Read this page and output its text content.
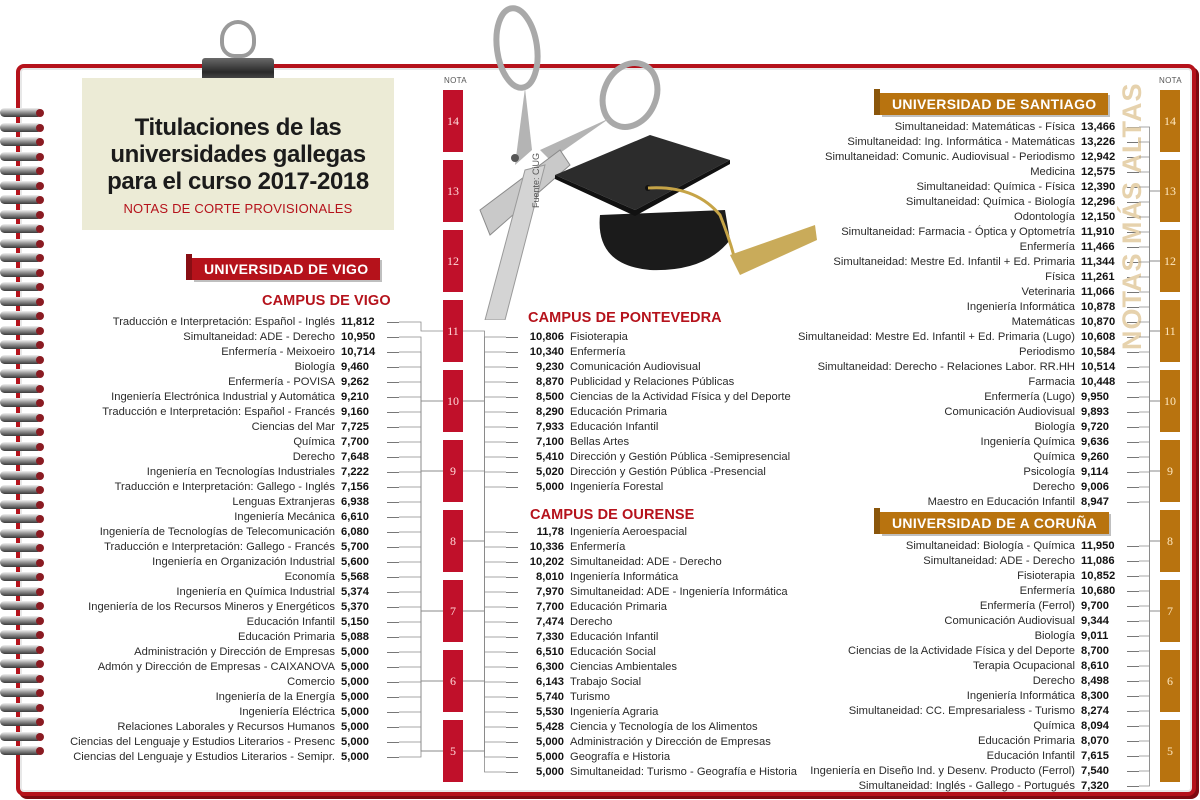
Fuente: CiUG
Titulaciones de las
universidades gallegas
para el curso 2017-2018
NOTAS DE CORTE PROVISIONALES
UNIVERSIDAD DE VIGO
CAMPUS DE VIGO
Traducción e Interpretación: Español - Inglés 11,812
Simultaneidad: ADE - Derecho 10,950
Enfermería - Meixoeiro 10,714
Biología 9,460
Enfermería - POVISA 9,262
Ingeniería Electrónica Industrial y Automática 9,210
Traducción e Interpretación: Español - Francés 9,160
Ciencias del Mar 7,725
Química 7,700
Derecho 7,648
Ingeniería en Tecnologías Industriales 7,222
Traducción e Interpretación: Gallego - Inglés 7,156
Lenguas Extranjeras 6,938
Ingeniería Mecánica 6,610
Ingeniería de Tecnologías de Telecomunicación 6,080
Traducción e Interpretación: Gallego - Francés 5,700
Ingeniería en Organización Industrial 5,600
Economía 5,568
Ingeniería en Química Industrial 5,374
Ingeniería de los Recursos Mineros y Energéticos 5,370
Educación Infantil 5,150
Educación Primaria 5,088
Administración y Dirección de Empresas 5,000
Admón y Dirección de Empresas - CAIXANOVA 5,000
Comercio 5,000
Ingeniería de la Energía 5,000
Ingeniería Eléctrica 5,000
Relaciones Laborales y Recursos Humanos 5,000
Ciencias del Lenguaje y Estudios Literarios - Presenc 5,000
Ciencias del Lenguaje y Estudios Literarios - Semipr. 5,000
CAMPUS DE PONTEVEDRA
10,806 Fisioterapia
10,340 Enfermería
9,230 Comunicación Audiovisual
8,870 Publicidad y Relaciones Públicas
8,500 Ciencias de la Actividad Física y del Deporte
8,290 Educación Primaria
7,933 Educación Infantil
7,100 Bellas Artes
5,410 Dirección y Gestión Pública -Semipresencial
5,020 Dirección y Gestión Pública -Presencial
5,000 Ingeniería Forestal
CAMPUS DE OURENSE
11,78 Ingeniería Aeroespacial
10,336 Enfermería
10,202 Simultaneidad: ADE - Derecho
8,010 Ingeniería Informática
7,970 Simultaneidad: ADE - Ingeniería Informática
7,700 Educación Primaria
7,474 Derecho
7,330 Educación Infantil
6,510 Educación Social
6,300 Ciencias Ambientales
6,143 Trabajo Social
5,740 Turismo
5,530 Ingeniería Agraria
5,428 Ciencia y Tecnología de los Alimentos
5,000 Administración y Dirección de Empresas
5,000 Geografía e Historia
5,000 Simultaneidad: Turismo - Geografía e Historia
NOTA
14
13
12
11
10
9
8
7
6
5
UNIVERSIDAD DE SANTIAGO
Simultaneidad: Matemáticas - Física 13,466
Simultaneidad: Ing. Informática - Matemáticas 13,226
Simultaneidad: Comunic. Audiovisual - Periodismo 12,942
Medicina 12,575
Simultaneidad: Química - Física 12,390
Simultaneidad: Química - Biología 12,296
Odontología 12,150
Simultaneidad: Farmacia - Óptica y Optometría 11,910
Enfermería 11,466
Simultaneidad: Mestre Ed. Infantil + Ed. Primaria 11,344
Física 11,261
Veterinaria 11,066
Ingeniería Informática 10,878
Matemáticas 10,870
Simultaneidad: Mestre Ed. Infantil + Ed. Primaria (Lugo) 10,608
Periodismo 10,584
Simultaneidad: Derecho - Relaciones Labor. RR.HH 10,514
Farmacia 10,448
Enfermería (Lugo) 9,950
Comunicación Audiovisual 9,893
Biología 9,720
Ingeniería Química 9,636
Química 9,260
Psicología 9,114
Derecho 9,006
Maestro en Educación Infantil 8,947
UNIVERSIDAD DE A CORUÑA
Simultaneidad: Biología - Química 11,950
Simultaneidad: ADE - Derecho 11,086
Fisioterapia 10,852
Enfermería 10,680
Enfermería (Ferrol) 9,700
Comunicación Audiovisual 9,344
Biología 9,011
Ciencias de la Actividade Física y del Deporte 8,700
Terapia Ocupacional 8,610
Derecho 8,498
Ingeniería Informática 8,300
Simultaneidad: CC. Empresarialess - Turismo 8,274
Química 8,094
Educación Primaria 8,070
Educación Infantil 7,615
Ingeniería en Diseño Ind. y Desenv. Producto (Ferrol) 7,540
Simultaneidad: Inglés - Gallego - Portugués 7,320
NOTAS MÁS ALTAS
NOTA
14
13
12
11
10
9
8
7
6
5
